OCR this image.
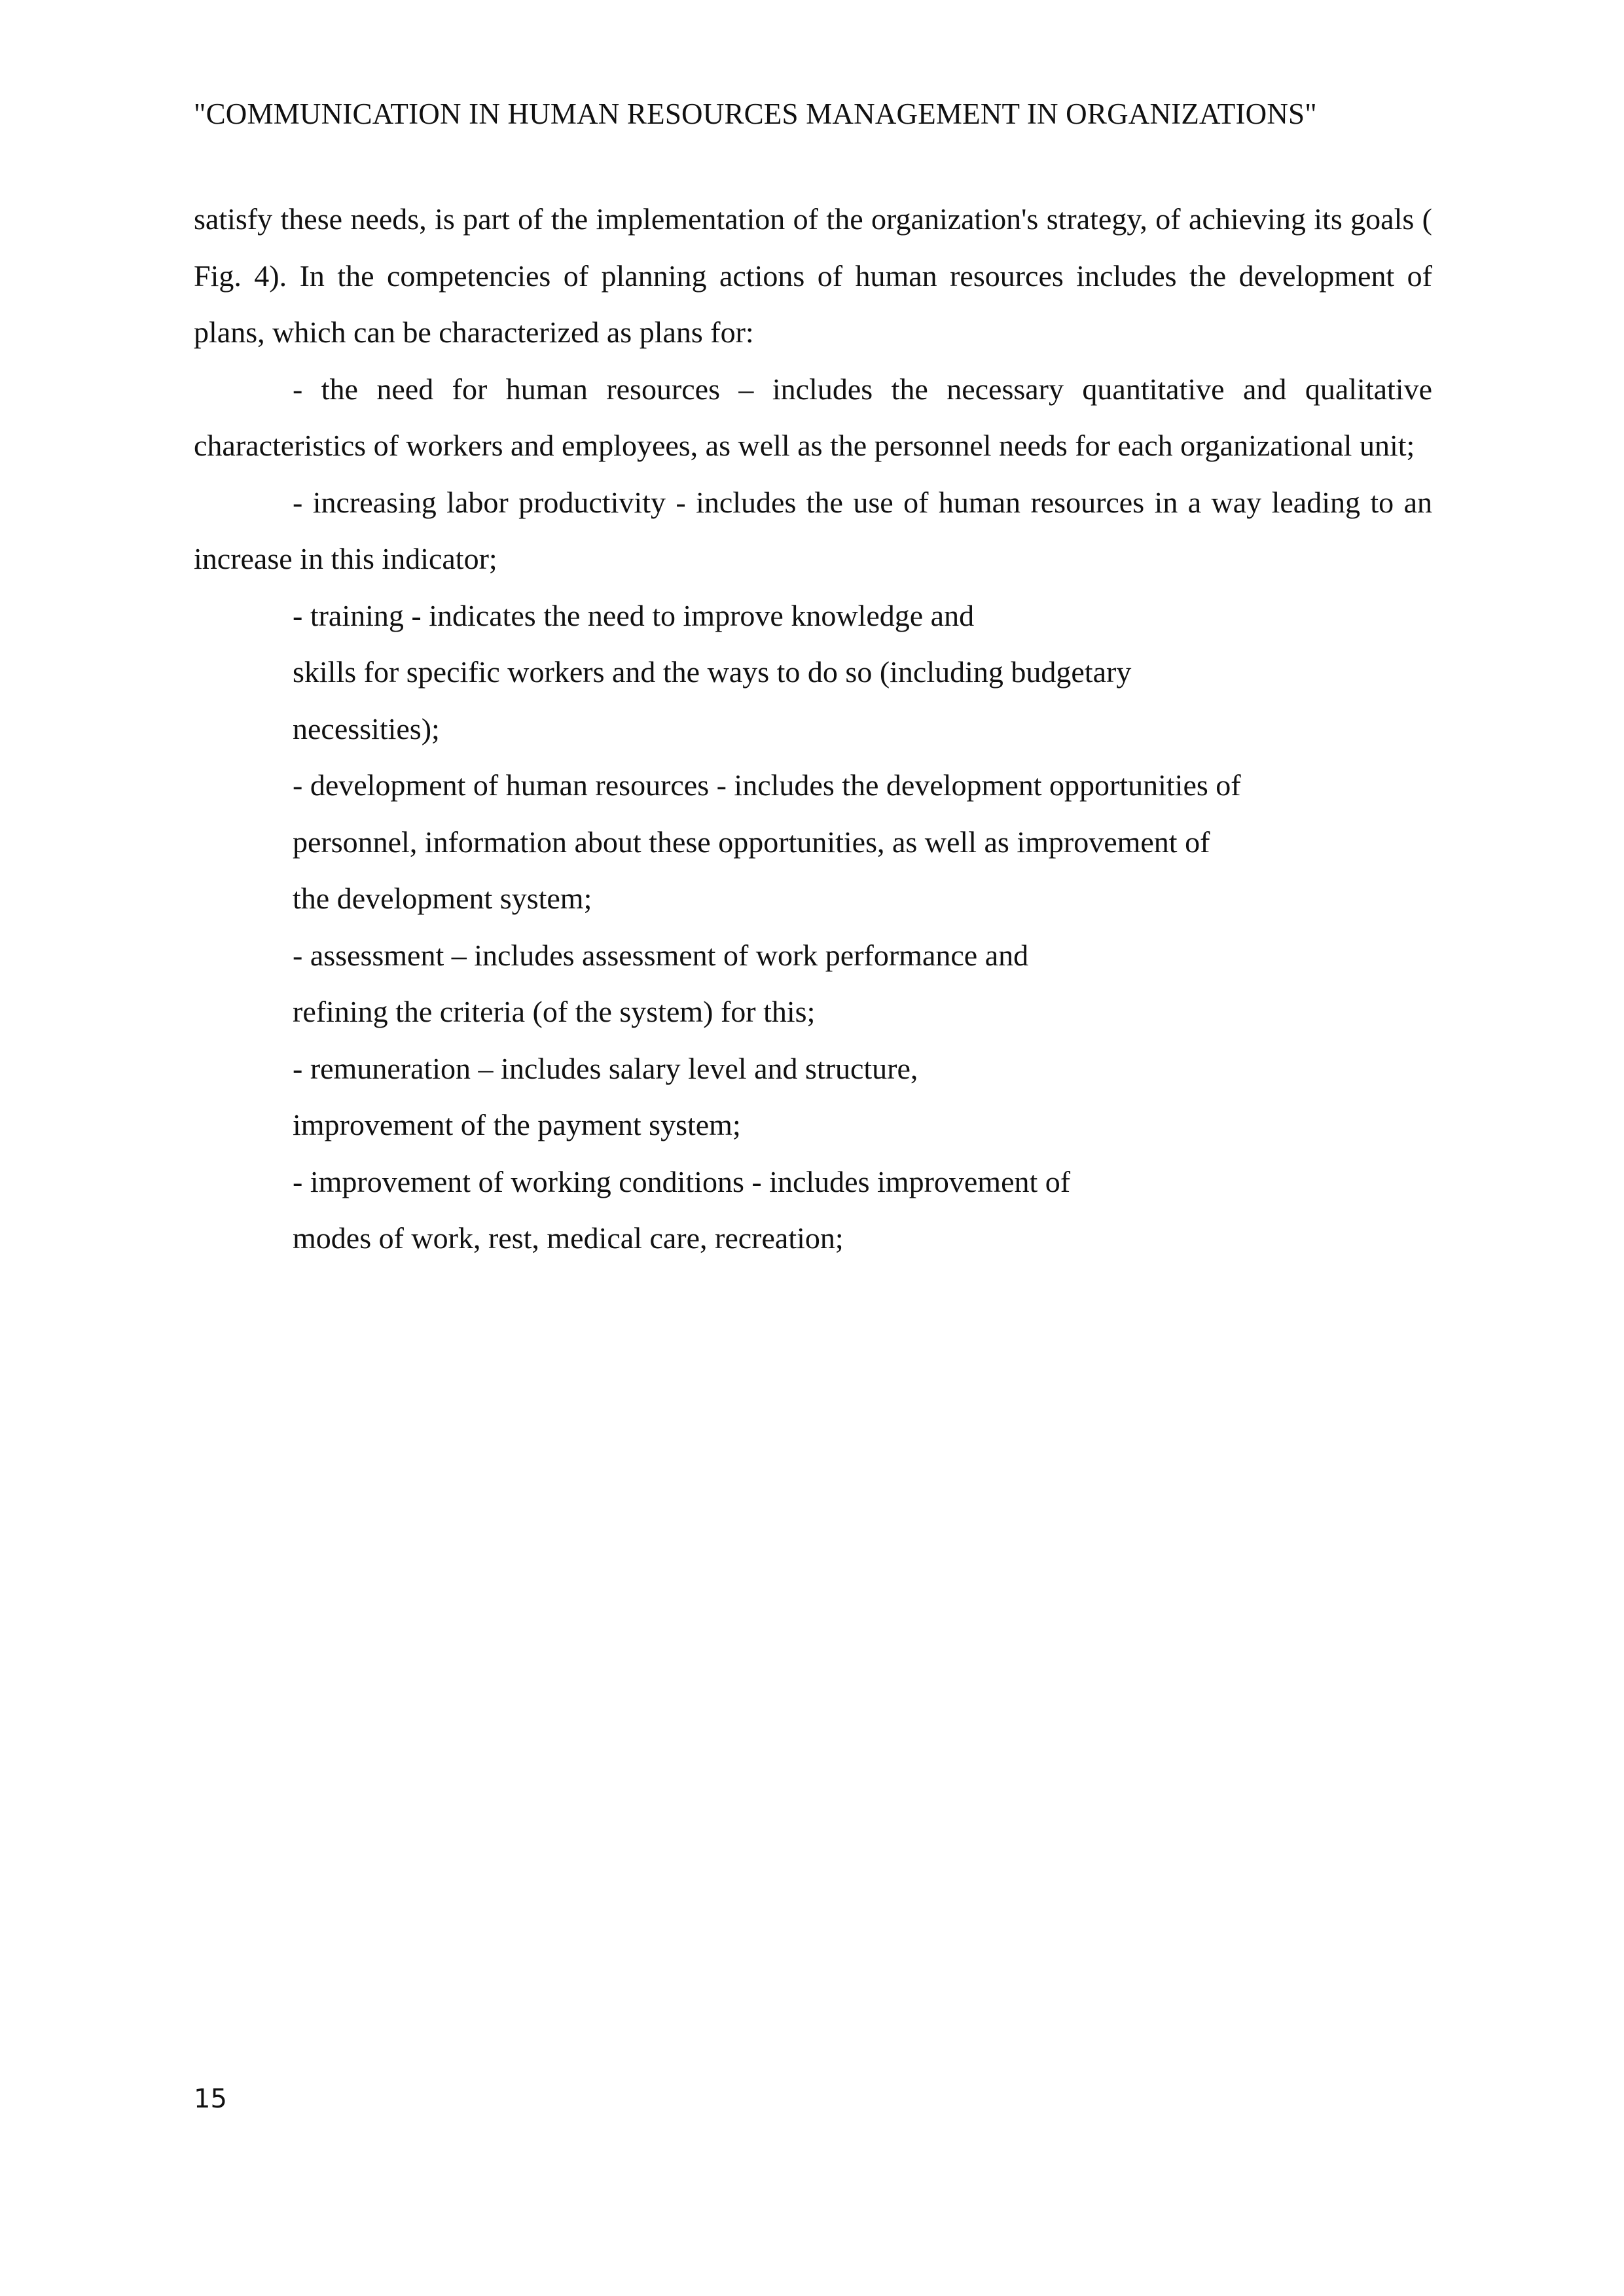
"COMMUNICATION IN HUMAN RESOURCES MANAGEMENT IN ORGANIZATIONS"

satisfy these needs, is part of the implementation of the organization's strategy, of achieving its goals ( Fig. 4). In the competencies of planning actions of human resources includes the development of plans, which can be characterized as plans for:

- the need for human resources – includes the necessary quantitative and qualitative characteristics of workers and employees, as well as the personnel needs for each organizational unit;

- increasing labor productivity - includes the use of human resources in a way leading to an increase in this indicator;

- training - indicates the need to improve knowledge and

skills for specific workers and the ways to do so (including budgetary

necessities);

- development of human resources - includes the development opportunities of

personnel, information about these opportunities, as well as improvement of

the development system;

- assessment – includes assessment of work performance and

refining the criteria (of the system) for this;

- remuneration – includes salary level and structure,

improvement of the payment system;

- improvement of working conditions - includes improvement of

modes of work, rest, medical care, recreation;

15
